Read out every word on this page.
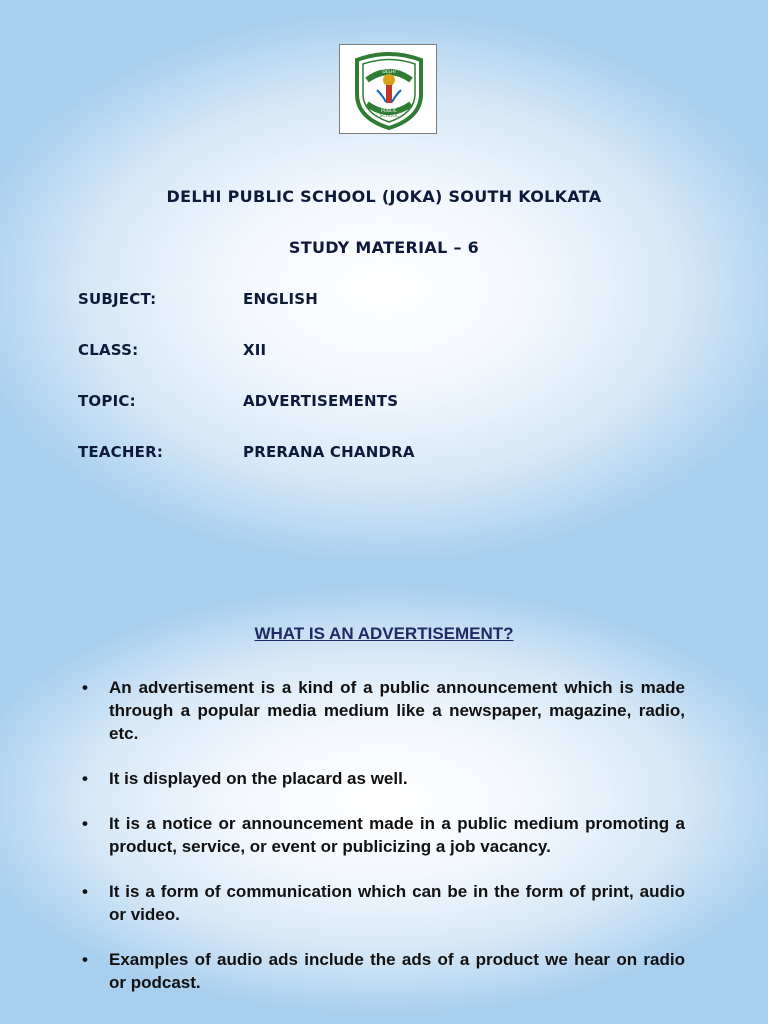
DELHI
PUBLIC
SCHOOL
DELHI PUBLIC SCHOOL (JOKA) SOUTH KOLKATA
STUDY MATERIAL – 6
SUBJECT:	ENGLISH
CLASS:	XII
TOPIC:	ADVERTISEMENTS
TEACHER:	PRERANA CHANDRA
WHAT IS AN ADVERTISEMENT?
• An advertisement is a kind of a public announcement which is made through a popular media medium like a newspaper, magazine, radio, etc.
• It is displayed on the placard as well.
• It is a notice or announcement made in a public medium promoting a product, service, or event or publicizing a job vacancy.
• It is a form of communication which can be in the form of print, audio or video.
• Examples of audio ads include the ads of a product we hear on radio or podcast.
